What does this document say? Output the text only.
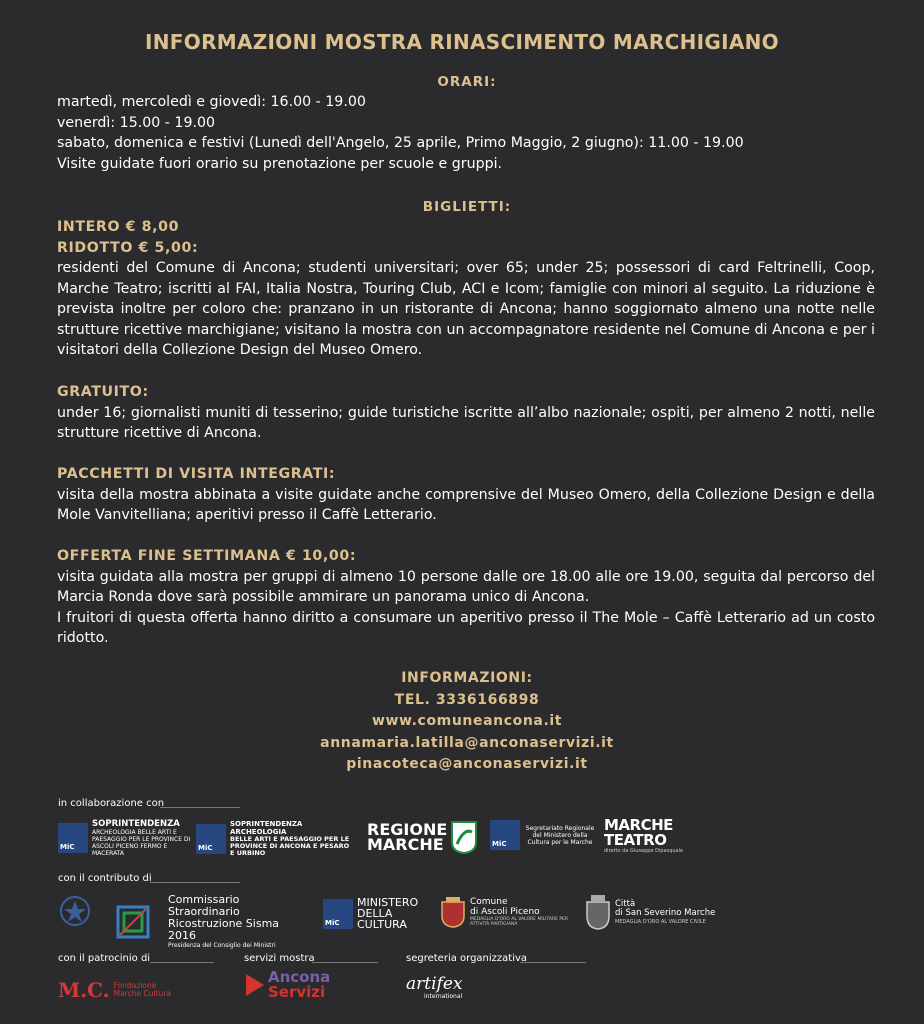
INFORMAZIONI MOSTRA RINASCIMENTO MARCHIGIANO
ORARI:
martedì, mercoledì e giovedì: 16.00 - 19.00
venerdì: 15.00 - 19.00
sabato, domenica e festivi (Lunedì dell'Angelo, 25 aprile, Primo Maggio, 2 giugno): 11.00 - 19.00
Visite guidate fuori orario su prenotazione per scuole e gruppi.
BIGLIETTI:
INTERO € 8,00
RIDOTTO € 5,00:
residenti del Comune di Ancona; studenti universitari; over 65; under 25; possessori di card Feltrinelli, Coop, Marche Teatro; iscritti al FAI, Italia Nostra, Touring Club, ACI e Icom; famiglie con minori al seguito. La riduzione è prevista inoltre per coloro che: pranzano in un ristorante di Ancona; hanno soggiornato almeno una notte nelle strutture ricettive marchigiane; visitano la mostra con un accompagnatore residente nel Comune di Ancona e per i visitatori della Collezione Design del Museo Omero.
GRATUITO:
under 16; giornalisti muniti di tesserino; guide turistiche iscritte all’albo nazionale; ospiti, per almeno 2 notti, nelle strutture ricettive di Ancona.
PACCHETTI DI VISITA INTEGRATI:
visita della mostra abbinata a visite guidate anche comprensive del Museo Omero, della Collezione Design e della Mole Vanvitelliana; aperitivi presso il Caffè Letterario.
OFFERTA FINE SETTIMANA € 10,00:
visita guidata alla mostra per gruppi di almeno 10 persone dalle ore 18.00 alle ore 19.00, seguita dal percorso del Marcia Ronda dove sarà possibile ammirare un panorama unico di Ancona.
I fruitori di questa offerta hanno diritto a consumare un aperitivo presso il The Mole – Caffè Letterario ad un costo ridotto.
INFORMAZIONI:
TEL. 3336166898
www.comuneancona.it
annamaria.latilla@anconaservizi.it
pinacoteca@anconaservizi.it
in collaborazione con
MiC
SOPRINTENDENZA
ARCHEOLOGIA BELLE ARTI E PAESAGGIO PER LE PROVINCE DI ASCOLI PICENO FERMO E MACERATA
MiC
SOPRINTENDENZA ARCHEOLOGIA
BELLE ARTI E PAESAGGIO PER LE PROVINCE DI ANCONA E PESARO E URBINO
REGIONE
MARCHE	MiC
Segretariato Regionale del Ministero della Cultura per le Marche
MARCHE
TEATRO
diretto da Giuseppe Dipasquale
con il contributo di
Commissario Straordinario
Ricostruzione Sisma 2016
Presidenza del Consiglio dei Ministri
MiC
MINISTERO
DELLA
CULTURA
Comune
di Ascoli Piceno
MEDAGLIA D'ORO AL VALORE MILITARE PER ATTIVITÀ PARTIGIANA
Città
di San Severino Marche
MEDAGLIA D'ORO AL VALORE CIVILE
con il patrocinio di	servizi mostra	segreteria organizzativa
M.C. Fondazione
Marche Cultura
Ancona
Servizi	artifex
international
